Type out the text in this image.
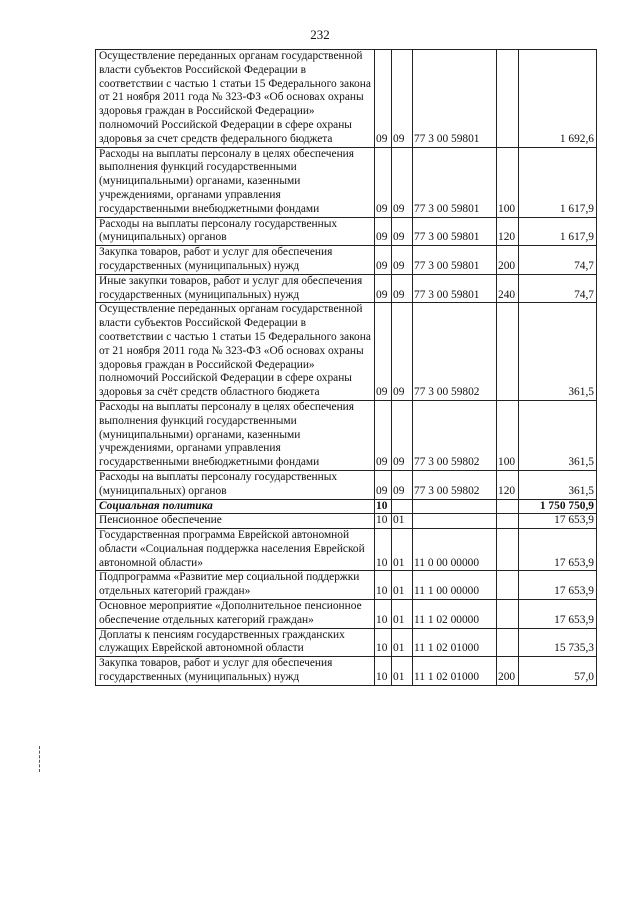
232
Осуществление переданных органам государственной власти субъектов Российской Федерации в соответствии с частью 1 статьи 15 Федерального закона от 21 ноября 2011 года № 323-ФЗ «Об основах охраны здоровья граждан в Российской Федерации» полномочий Российской Федерации в сфере охраны здоровья за счет средств федерального бюджета	09	09	77 3 00 59801		1 692,6
Расходы на выплаты персоналу в целях обеспечения выполнения функций государственными (муниципальными) органами, казенными учреждениями, органами управления государственными внебюджетными фондами	09	09	77 3 00 59801	100	1 617,9
Расходы на выплаты персоналу государственных (муниципальных) органов	09	09	77 3 00 59801	120	1 617,9
Закупка товаров, работ и услуг для обеспечения государственных (муниципальных) нужд	09	09	77 3 00 59801	200	74,7
Иные закупки товаров, работ и услуг для обеспечения государственных (муниципальных) нужд	09	09	77 3 00 59801	240	74,7
Осуществление переданных органам государственной власти субъектов Российской Федерации в соответствии с частью 1 статьи 15 Федерального закона от 21 ноября 2011 года № 323-ФЗ «Об основах охраны здоровья граждан в Российской Федерации» полномочий Российской Федерации в сфере охраны здоровья за счёт средств областного бюджета	09	09	77 3 00 59802		361,5
Расходы на выплаты персоналу в целях обеспечения выполнения функций государственными (муниципальными) органами, казенными учреждениями, органами управления государственными внебюджетными фондами	09	09	77 3 00 59802	100	361,5
Расходы на выплаты персоналу государственных (муниципальных) органов	09	09	77 3 00 59802	120	361,5
Социальная политика	10				1 750 750,9
Пенсионное обеспечение	10	01			17 653,9
Государственная программа Еврейской автономной области «Социальная поддержка населения Еврейской автономной области»	10	01	11 0 00 00000		17 653,9
Подпрограмма «Развитие мер социальной поддержки отдельных категорий граждан»	10	01	11 1 00 00000		17 653,9
Основное мероприятие «Дополнительное пенсионное обеспечение отдельных категорий граждан»	10	01	11 1 02 00000		17 653,9
Доплаты к пенсиям государственных гражданских служащих Еврейской автономной области	10	01	11 1 02 01000		15 735,3
Закупка товаров, работ и услуг для обеспечения государственных (муниципальных) нужд	10	01	11 1 02 01000	200	57,0
